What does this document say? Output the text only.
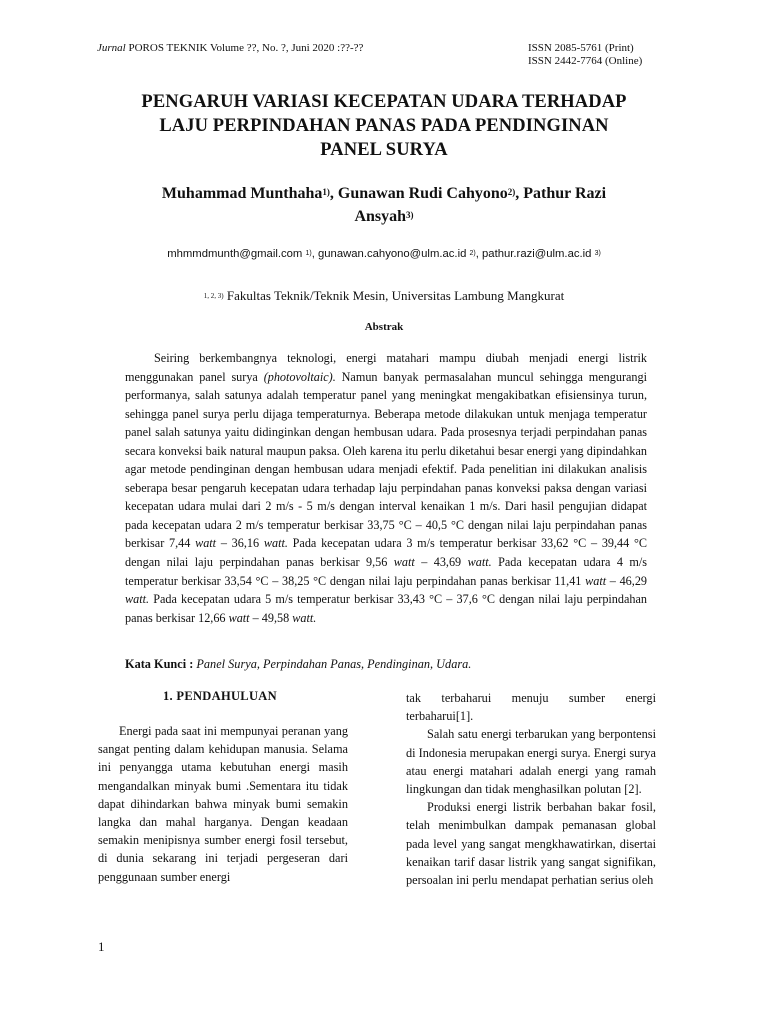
Jurnal POROS TEKNIK Volume ??, No. ?, Juni 2020 :??-??	ISSN 2085-5761 (Print)
ISSN 2442-7764 (Online)
PENGARUH VARIASI KECEPATAN UDARA TERHADAP
LAJU PERPINDAHAN PANAS PADA PENDINGINAN
PANEL SURYA
Muhammad Munthaha$^{1)}$, Gunawan Rudi Cahyono$^{2)}$, Pathur Razi
Ansyah$^{3)}$
mhmmdmunth@gmail.com $^{1)}$, gunawan.cahyono@ulm.ac.id $^{2)}$, pathur.razi@ulm.ac.id $^{3)}$
$^{1, 2, 3)}$ Fakultas Teknik/Teknik Mesin, Universitas Lambung Mangkurat
Abstrak
Seiring berkembangnya teknologi, energi matahari mampu diubah menjadi energi listrik menggunakan panel surya (photovoltaic). Namun banyak permasalahan muncul sehingga mengurangi performanya, salah satunya adalah temperatur panel yang meningkat mengakibatkan efisiensinya turun, sehingga panel surya perlu dijaga temperaturnya. Beberapa metode dilakukan untuk menjaga temperatur panel salah satunya yaitu didinginkan dengan hembusan udara. Pada prosesnya terjadi perpindahan panas secara konveksi baik natural maupun paksa. Oleh karena itu perlu diketahui besar energi yang dipindahkan agar metode pendinginan dengan hembusan udara menjadi efektif. Pada penelitian ini dilakukan analisis seberapa besar pengaruh kecepatan udara terhadap laju perpindahan panas konveksi paksa dengan variasi kecepatan udara mulai dari 2 m/s - 5 m/s dengan interval kenaikan 1 m/s. Dari hasil pengujian didapat pada kecepatan udara 2 m/s temperatur berkisar 33,75 °C – 40,5 °C dengan nilai laju perpindahan panas berkisar 7,44 watt – 36,16 watt. Pada kecepatan udara 3 m/s temperatur berkisar 33,62 °C – 39,44 °C dengan nilai laju perpindahan panas berkisar 9,56 watt – 43,69 watt. Pada kecepatan udara 4 m/s temperatur berkisar 33,54 °C – 38,25 °C dengan nilai laju perpindahan panas berkisar 11,41 watt – 46,29 watt. Pada kecepatan udara 5 m/s temperatur berkisar 33,43 °C – 37,6 °C dengan nilai laju perpindahan panas berkisar 12,66 watt – 49,58 watt.
Kata Kunci : Panel Surya, Perpindahan Panas, Pendinginan, Udara.
1. PENDAHULUAN

Energi pada saat ini mempunyai peranan yang sangat penting dalam kehidupan manusia. Selama ini penyangga utama kebutuhan energi masih mengandalkan minyak bumi .Sementara itu tidak dapat dihindarkan bahwa minyak bumi semakin langka dan mahal harganya. Dengan keadaan semakin menipisnya sumber energi fosil tersebut, di dunia sekarang ini terjadi pergeseran dari penggunaan sumber energi

tak terbaharui menuju sumber energi terbaharui[1].

Salah satu energi terbarukan yang berpontensi di Indonesia merupakan energi surya. Energi surya atau energi matahari adalah energi yang ramah lingkungan dan tidak menghasilkan polutan [2].

Produksi energi listrik berbahan bakar fosil, telah menimbulkan dampak pemanasan global pada level yang sangat mengkhawatirkan, disertai kenaikan tarif dasar listrik yang sangat signifikan, persoalan ini perlu mendapat perhatian serius oleh

1
